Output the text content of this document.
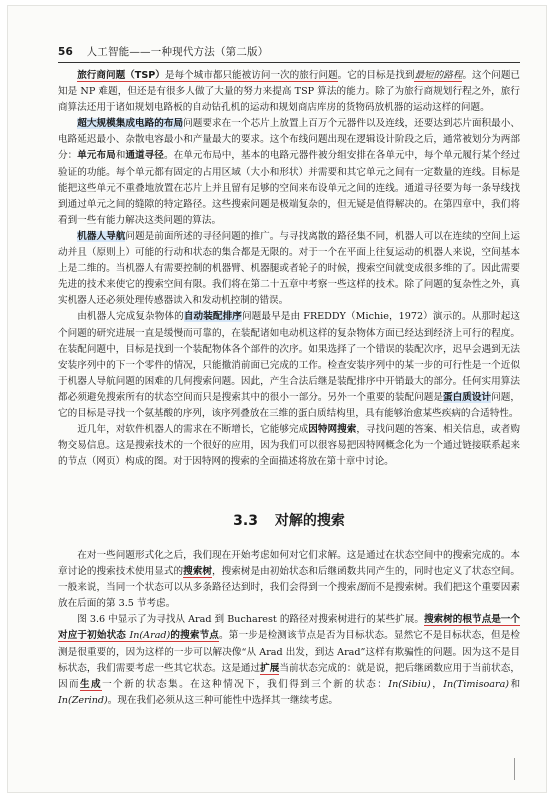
56 人工智能——一种现代方法（第二版）

旅行商问题（TSP）是每个城市都只能被访问一次的旅行问题。它的目标是找到最短的路程。这个问题已知是 NP 难题，但还是有很多人做了大量的努力来提高 TSP 算法的能力。除了为旅行商规划行程之外，旅行商算法还用于诸如规划电路板的自动钻孔机的运动和规划商店库房的货物码放机器的运动这样的问题。

超大规模集成电路的布局问题要求在一个芯片上放置上百万个元器件以及连线，还要达到芯片面积最小、电路延迟最小、杂散电容最小和产量最大的要求。这个布线问题出现在逻辑设计阶段之后，通常被划分为两部分：单元布局和通道寻径。在单元布局中，基本的电路元器件被分组安排在各单元中，每个单元履行某个经过验证的功能。每个单元都有固定的占用区域（大小和形状）并需要和其它单元之间有一定数量的连线。目标是能把这些单元不重叠地放置在芯片上并且留有足够的空间来布设单元之间的连线。通道寻径要为每一条导线找到通过单元之间的缝隙的特定路径。这些搜索问题是极端复杂的，但无疑是值得解决的。在第四章中，我们将看到一些有能力解决这类问题的算法。

机器人导航问题是前面所述的寻径问题的推广。与寻找离散的路径集不同，机器人可以在连续的空间上运动并且（原则上）可能的行动和状态的集合都是无限的。对于一个在平面上往复运动的机器人来说，空间基本上是二维的。当机器人有需要控制的机器臂、机器腿或者轮子的时候，搜索空间就变成很多维的了。因此需要先进的技术来使它的搜索空间有限。我们将在第二十五章中考察一些这样的技术。除了问题的复杂性之外，真实机器人还必须处理传感器读入和发动机控制的错误。

由机器人完成复杂物体的自动装配排序问题最早是由 FREDDY（Michie，1972）演示的。从那时起这个问题的研究进展一直是缓慢而可靠的，在装配诸如电动机这样的复杂物体方面已经达到经济上可行的程度。在装配问题中，目标是找到一个装配物体各个部件的次序。如果选择了一个错误的装配次序，迟早会遇到无法安装序列中的下一个零件的情况，只能撤消前面已完成的工作。检查安装序列中的某一步的可行性是一个近似于机器人导航问题的困难的几何搜索问题。因此，产生合法后继是装配排序中开销最大的部分。任何实用算法都必须避免搜索所有的状态空间而只是搜索其中的很小一部分。另外一个重要的装配问题是蛋白质设计问题，它的目标是寻找一个氨基酸的序列，该序列叠放在三维的蛋白质结构里，具有能够治愈某些疾病的合适特性。

近几年，对软件机器人的需求在不断增长，它能够完成因特网搜索，寻找问题的答案、相关信息，或者购物交易信息。这是搜索技术的一个很好的应用，因为我们可以很容易把因特网概念化为一个通过链接联系起来的节点（网页）构成的图。对于因特网的搜索的全面描述将放在第十章中讨论。

3.3 对解的搜索

在对一些问题形式化之后，我们现在开始考虑如何对它们求解。这是通过在状态空间中的搜索完成的。本章讨论的搜索技术使用显式的搜索树，搜索树是由初始状态和后继函数共同产生的，同时也定义了状态空间。一般来说，当同一个状态可以从多条路径达到时，我们会得到一个搜索图而不是搜索树。我们把这个重要因素放在后面的第 3.5 节考虑。

图 3.6 中显示了为寻找从 Arad 到 Bucharest 的路径对搜索树进行的某些扩展。搜索树的根节点是一个对应于初始状态 In(Arad)的搜索节点。第一步是检测该节点是否为目标状态。显然它不是目标状态，但是检测是很重要的，因为这样的一步可以解决像“从 Arad 出发，到达 Arad”这样有欺骗性的问题。因为这不是目标状态，我们需要考虑一些其它状态。这是通过扩展当前状态完成的：就是说，把后继函数应用于当前状态，因而生成一个新的状态集。在这种情况下，我们得到三个新的状态：In(Sibiu)，In(Timisoara)和In(Zerind)。现在我们必须从这三种可能性中选择其一继续考虑。
